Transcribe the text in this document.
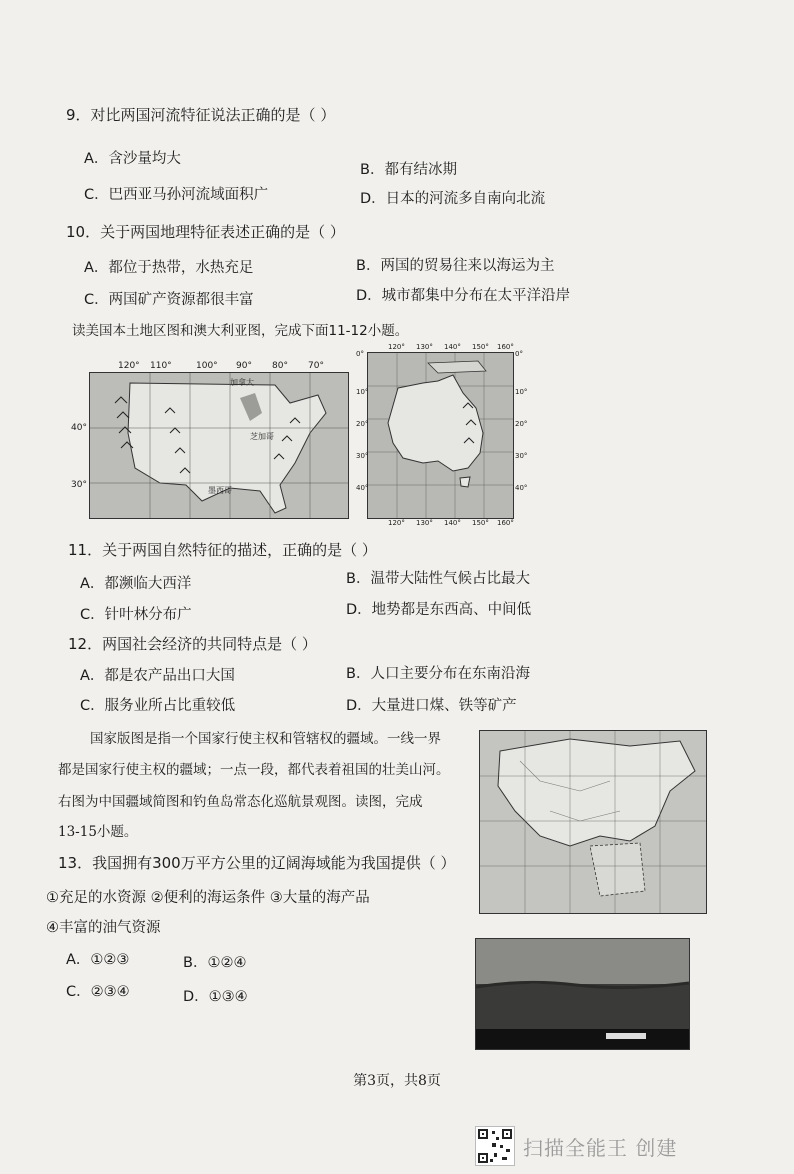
9．对比两国河流特征说法正确的是（ ）
A．含沙量均大
B．都有结冰期
C．巴西亚马孙河流域面积广	D．日本的河流多自南向北流
10．关于两国地理特征表述正确的是（ ）
A．都位于热带，水热充足	B．两国的贸易往来以海运为主
C．两国矿产资源都很丰富	D．城市都集中分布在太平洋沿岸
读美国本土地区图和澳大利亚图，完成下面11-12小题。
加拿大
芝加哥
墨西哥
120° 110°	100° 90° 80° 70°
40°
30°
120° 130° 140° 150° 160°
120° 130° 140° 150° 160°
0°
10°
20°
30°
40°
0°
10°
20°
30°
40°
11．关于两国自然特征的描述，正确的是（ ）
A．都濒临大西洋	B．温带大陆性气候占比最大
C．针叶林分布广	D．地势都是东西高、中间低
12．两国社会经济的共同特点是（ ）
A．都是农产品出口大国	B．人口主要分布在东南沿海
C．服务业所占比重较低	D．大量进口煤、铁等矿产
国家版图是指一个国家行使主权和管辖权的疆域。一线一界
都是国家行使主权的疆域；一点一段，都代表着祖国的壮美山河。
右图为中国疆域简图和钓鱼岛常态化巡航景观图。读图，完成
13-15小题。
13．我国拥有300万平方公里的辽阔海域能为我国提供（ ）
①充足的水资源 ②便利的海运条件 ③大量的海产品
④丰富的油气资源
A．①②③	B．①②④
C．②③④	D．①③④
第3页，共8页
扫描全能王 创建
